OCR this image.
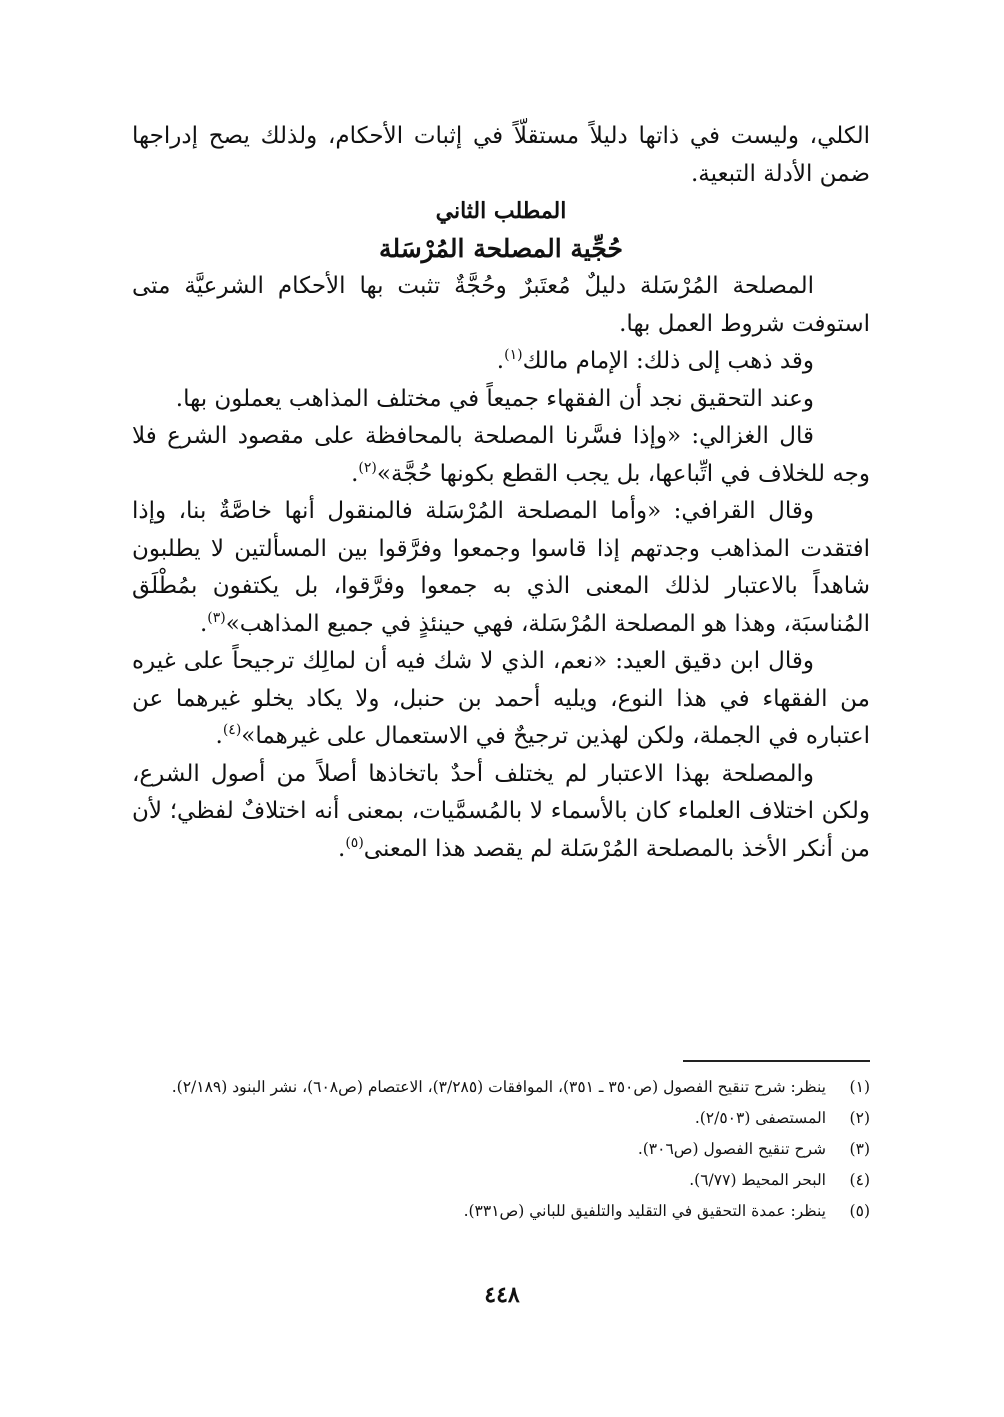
الكلي، وليست في ذاتها دليلاً مستقلّاً في إثبات الأحكام، ولذلك يصح إدراجها ضمن الأدلة التبعية.

المطلب الثاني

حُجِّية المصلحة المُرْسَلة

المصلحة المُرْسَلة دليلٌ مُعتَبرٌ وحُجَّةٌ تثبت بها الأحكام الشرعيَّة متى استوفت شروط العمل بها.

وقد ذهب إلى ذلك: الإمام مالك$^{(١)}$.

وعند التحقيق نجد أن الفقهاء جميعاً في مختلف المذاهب يعملون بها.

قال الغزالي: «وإذا فسَّرنا المصلحة بالمحافظة على مقصود الشرع فلا وجه للخلاف في اتِّباعها، بل يجب القطع بكونها حُجَّة»$^{(٢)}$.

وقال القرافي: «وأما المصلحة المُرْسَلة فالمنقول أنها خاصَّةٌ بنا، وإذا افتقدت المذاهب وجدتهم إذا قاسوا وجمعوا وفرَّقوا بين المسألتين لا يطلبون شاهداً بالاعتبار لذلك المعنى الذي به جمعوا وفرَّقوا، بل يكتفون بمُطْلَق المُناسبَة، وهذا هو المصلحة المُرْسَلة، فهي حينئذٍ في جميع المذاهب»$^{(٣)}$.

وقال ابن دقيق العيد: «نعم، الذي لا شك فيه أن لمالِك ترجيحاً على غيره من الفقهاء في هذا النوع، ويليه أحمد بن حنبل، ولا يكاد يخلو غيرهما عن اعتباره في الجملة، ولكن لهذين ترجيحٌ في الاستعمال على غيرهما»$^{(٤)}$.

والمصلحة بهذا الاعتبار لم يختلف أحدٌ باتخاذها أصلاً من أصول الشرع، ولكن اختلاف العلماء كان بالأسماء لا بالمُسمَّيات، بمعنى أنه اختلافٌ لفظي؛ لأن من أنكر الأخذ بالمصلحة المُرْسَلة لم يقصد هذا المعنى$^{(٥)}$.

(١)
ينظر: شرح تنقيح الفصول (ص٣٥٠ ـ ٣٥١)، الموافقات (٣/٢٨٥)، الاعتصام (ص٦٠٨)، نشر البنود (٢/١٨٩).

(٢)
المستصفى (٢/٥٠٣).

(٣)
شرح تنقيح الفصول (ص٣٠٦).

(٤)
البحر المحيط (٦/٧٧).

(٥)
ينظر: عمدة التحقيق في التقليد والتلفيق للباني (ص٣٣١).

٤٤٨
